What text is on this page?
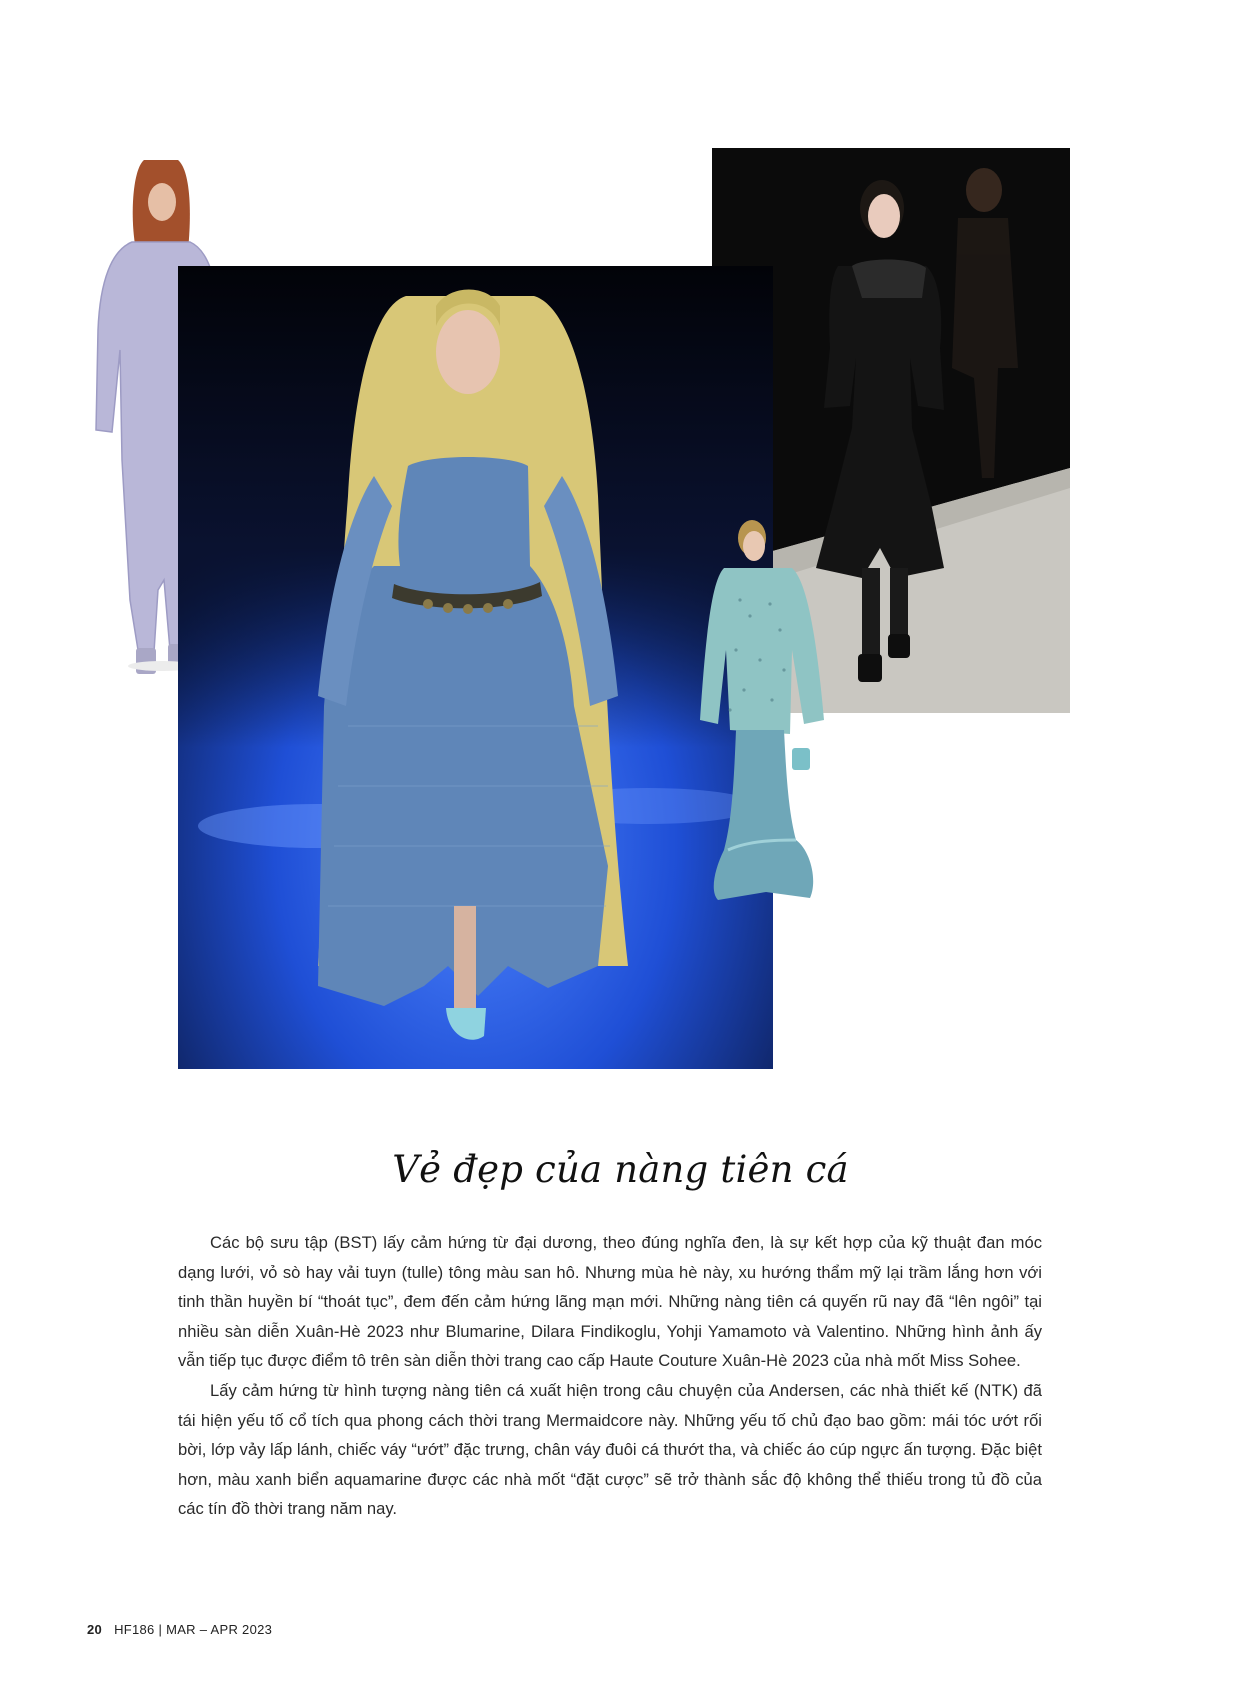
Vẻ đẹp của nàng tiên cá

Các bộ sưu tập (BST) lấy cảm hứng từ đại dương, theo đúng nghĩa đen, là sự kết hợp của kỹ thuật đan móc dạng lưới, vỏ sò hay vải tuyn (tulle) tông màu san hô. Nhưng mùa hè này, xu hướng thẩm mỹ lại trầm lắng hơn với tinh thần huyền bí “thoát tục”, đem đến cảm hứng lãng mạn mới. Những nàng tiên cá quyến rũ nay đã “lên ngôi” tại nhiều sàn diễn Xuân-Hè 2023 như Blumarine, Dilara Findikoglu, Yohji Yamamoto và Valentino. Những hình ảnh ấy vẫn tiếp tục được điểm tô trên sàn diễn thời trang cao cấp Haute Couture Xuân-Hè 2023 của nhà mốt Miss Sohee.

Lấy cảm hứng từ hình tượng nàng tiên cá xuất hiện trong câu chuyện của Andersen, các nhà thiết kế (NTK) đã tái hiện yếu tố cổ tích qua phong cách thời trang Mermaidcore này. Những yếu tố chủ đạo bao gồm: mái tóc ướt rối bời, lớp vảy lấp lánh, chiếc váy “ướt” đặc trưng, chân váy đuôi cá thướt tha, và chiếc áo cúp ngực ấn tượng. Đặc biệt hơn, màu xanh biển aquamarine được các nhà mốt “đặt cược” sẽ trở thành sắc độ không thể thiếu trong tủ đồ của các tín đồ thời trang năm nay.

20 HF186 | MAR – APR 2023
